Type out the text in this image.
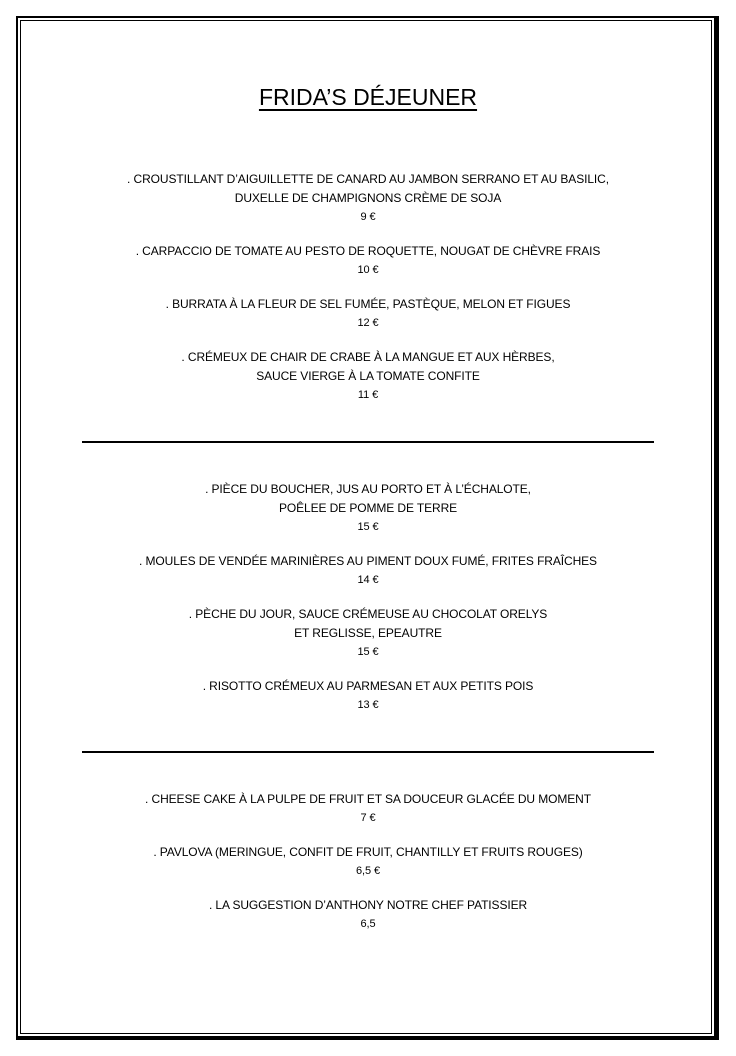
FRIDA’S DÉJEUNER
. CROUSTILLANT D’AIGUILLETTE DE CANARD AU JAMBON SERRANO ET AU BASILIC,
DUXELLE DE CHAMPIGNONS CRÈME DE SOJA
9 €
. CARPACCIO DE TOMATE AU PESTO DE ROQUETTE, NOUGAT DE CHÈVRE FRAIS
10 €
. BURRATA À LA FLEUR DE SEL FUMÉE, PASTÈQUE, MELON ET FIGUES
12 €
. CRÉMEUX DE CHAIR DE CRABE À LA MANGUE ET AUX HÈRBES,
SAUCE VIERGE À LA TOMATE CONFITE
11 €
. PIÈCE DU BOUCHER, JUS AU PORTO ET À L’ÉCHALOTE,
POÊLEE DE POMME DE TERRE
15 €
. MOULES DE VENDÉE MARINIÈRES AU PIMENT DOUX FUMÉ, FRITES FRAÎCHES
14 €
. PÈCHE DU JOUR, SAUCE CRÉMEUSE AU CHOCOLAT ORELYS
ET REGLISSE, EPEAUTRE
15 €
. RISOTTO CRÉMEUX AU PARMESAN ET AUX PETITS POIS
13 €
. CHEESE CAKE À LA PULPE DE FRUIT ET SA DOUCEUR GLACÉE DU MOMENT
7 €
. PAVLOVA (MERINGUE, CONFIT DE FRUIT, CHANTILLY ET FRUITS ROUGES)
6,5 €
. LA SUGGESTION D’ANTHONY NOTRE CHEF PATISSIER
6,5
